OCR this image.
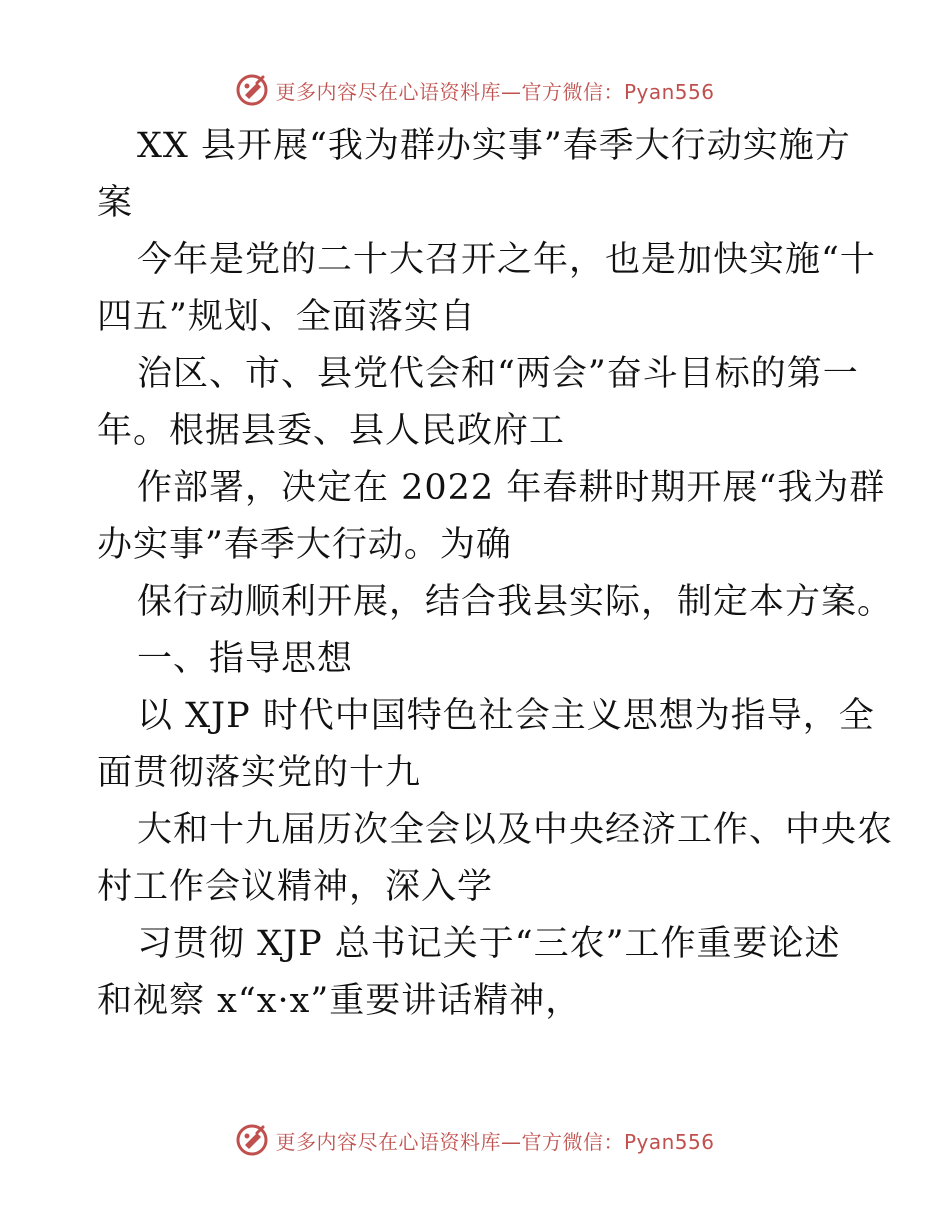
更多内容尽在心语资料库—官方微信：Pyan556
XX 县开展“我为群办实事”春季大行动实施方
案
今年是党的二十大召开之年，也是加快实施“十
四五”规划、全面落实自
治区、市、县党代会和“两会”奋斗目标的第一
年。根据县委、县人民政府工
作部署，决定在 2022 年春耕时期开展“我为群
办实事”春季大行动。为确
保行动顺利开展，结合我县实际，制定本方案。
一、指导思想
以 XJP 时代中国特色社会主义思想为指导，全
面贯彻落实党的十九
大和十九届历次全会以及中央经济工作、中央农
村工作会议精神，深入学
习贯彻 XJP 总书记关于“三农”工作重要论述
和视察 x“x·x”重要讲话精神，
更多内容尽在心语资料库—官方微信：Pyan556
